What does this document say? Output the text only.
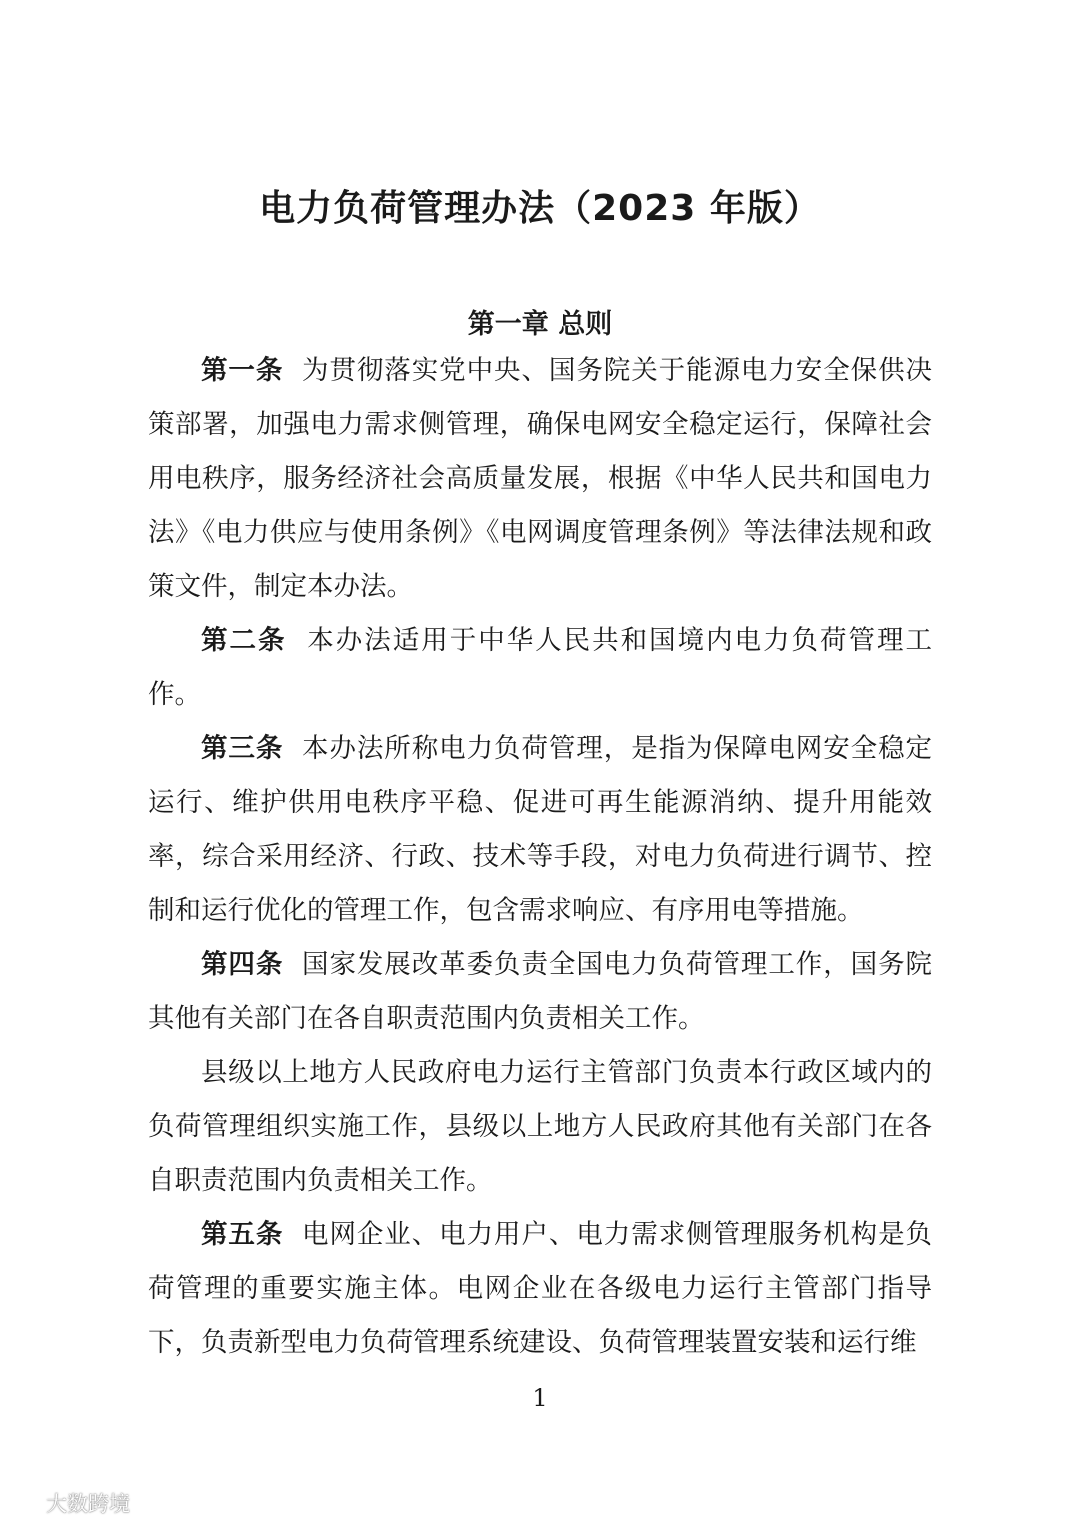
电力负荷管理办法（2023 年版）
第一章 总则

第一条 为贯彻落实党中央、国务院关于能源电力安全保供决策部署，加强电力需求侧管理，确保电网安全稳定运行，保障社会用电秩序，服务经济社会高质量发展，根据《中华人民共和国电力法》《电力供应与使用条例》《电网调度管理条例》等法律法规和政策文件，制定本办法。

第二条 本办法适用于中华人民共和国境内电力负荷管理工作。

第三条 本办法所称电力负荷管理，是指为保障电网安全稳定运行、维护供用电秩序平稳、促进可再生能源消纳、提升用能效率，综合采用经济、行政、技术等手段，对电力负荷进行调节、控制和运行优化的管理工作，包含需求响应、有序用电等措施。

第四条 国家发展改革委负责全国电力负荷管理工作，国务院其他有关部门在各自职责范围内负责相关工作。

县级以上地方人民政府电力运行主管部门负责本行政区域内的负荷管理组织实施工作，县级以上地方人民政府其他有关部门在各自职责范围内负责相关工作。

第五条 电网企业、电力用户、电力需求侧管理服务机构是负荷管理的重要实施主体。电网企业在各级电力运行主管部门指导下，负责新型电力负荷管理系统建设、负荷管理装置安装和运行维

1
大数跨境
